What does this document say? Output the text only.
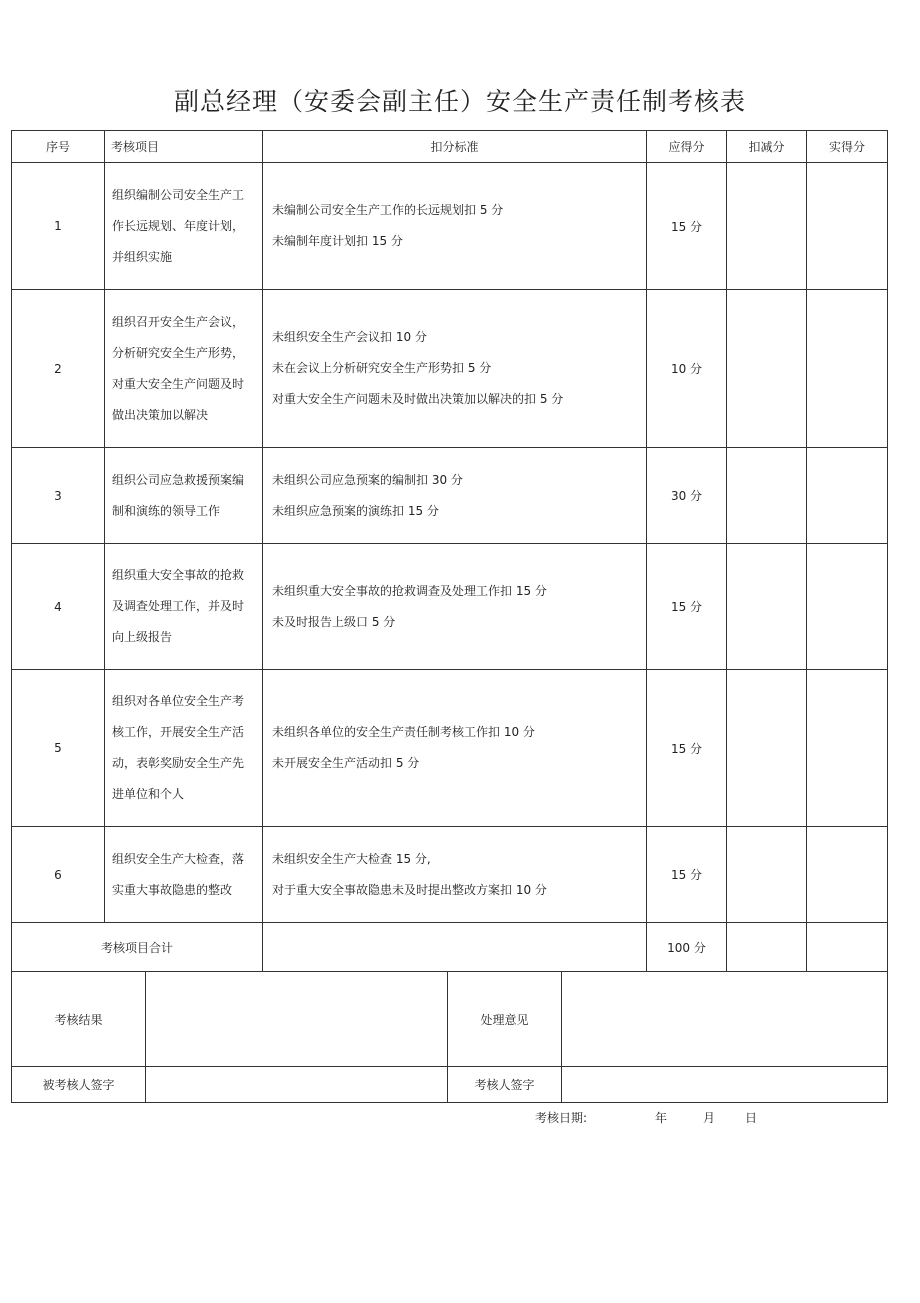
副总经理（安委会副主任）安全生产责任制考核表
序号	考核项目	扣分标准	应得分	扣减分	实得分
1	组织编制公司安全生产工作长远规划、年度计划，并组织实施	未编制公司安全生产工作的长远规划扣 5 分
未编制年度计划扣 15 分	15 分		
2	组织召开安全生产会议，分析研究安全生产形势，对重大安全生产问题及时做出决策加以解决	未组织安全生产会议扣 10 分
未在会议上分析研究安全生产形势扣 5 分
对重大安全生产问题未及时做出决策加以解决的扣 5 分	10 分		
3	组织公司应急救援预案编制和演练的领导工作	未组织公司应急预案的编制扣 30 分
未组织应急预案的演练扣 15 分	30 分		
4	组织重大安全事故的抢救及调查处理工作，并及时向上级报告	未组织重大安全事故的抢救调查及处理工作扣 15 分
未及时报告上级口 5 分	15 分		
5	组织对各单位安全生产考核工作，开展安全生产活动，表彰奖励安全生产先进单位和个人	未组织各单位的安全生产责任制考核工作扣 10 分
未开展安全生产活动扣 5 分	15 分		
6	组织安全生产大检查，落实重大事故隐患的整改	未组织安全生产大检查 15 分,
对于重大安全事故隐患未及时提出整改方案扣 10 分	15 分		
考核项目合计			100 分		
考核结果		处理意见	
被考核人签字		考核人签字	
考核日期:	年	月 日
